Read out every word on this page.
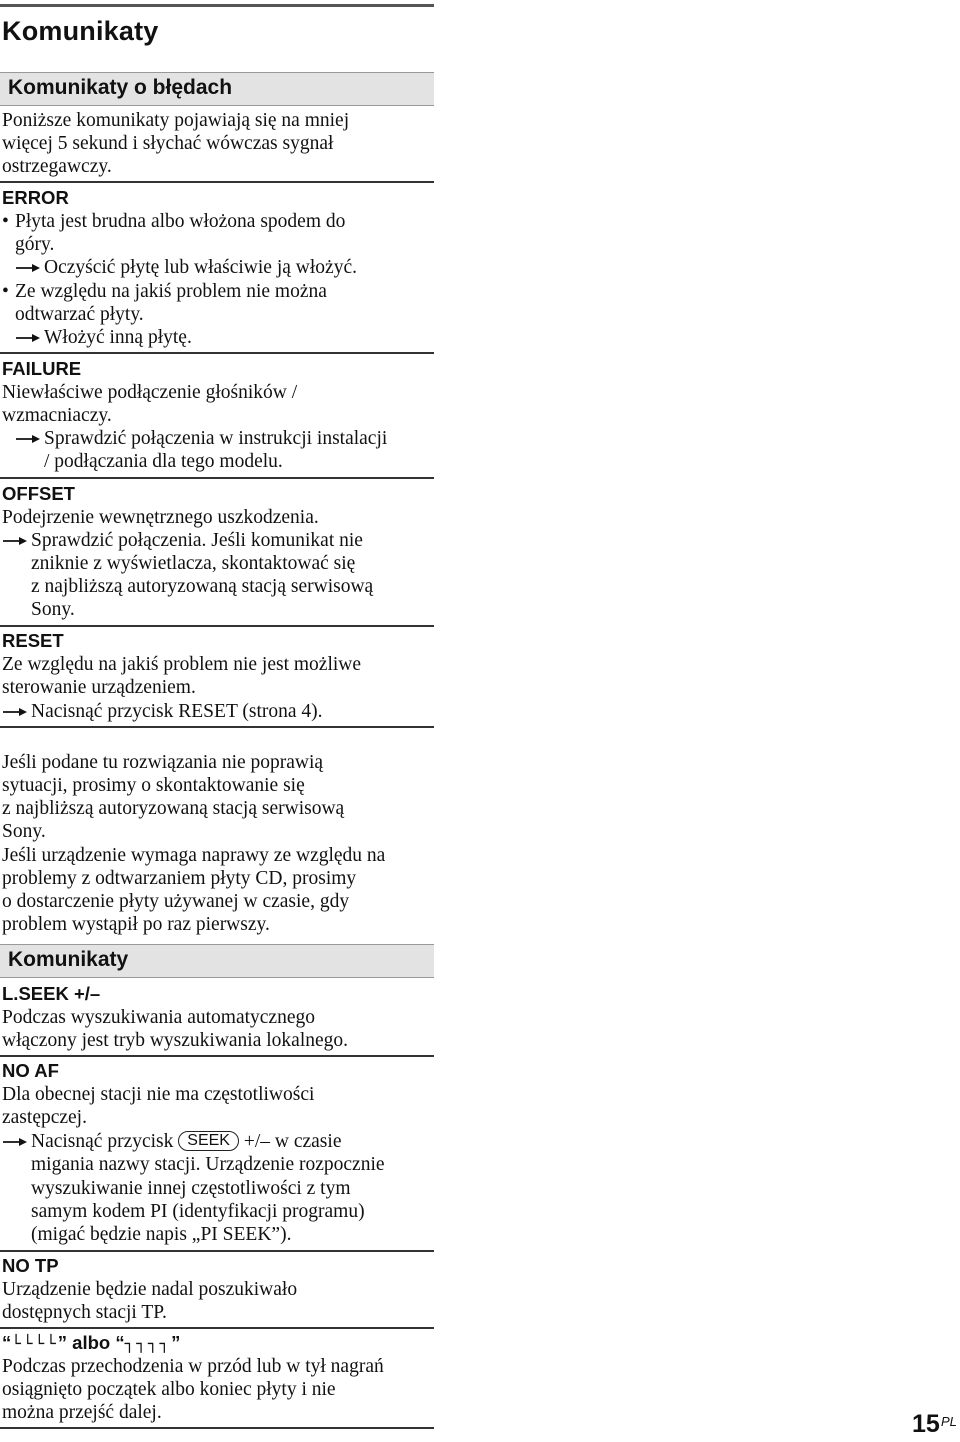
Komunikaty
Komunikaty o błędach
Poniższe komunikaty pojawiają się na mniej
więcej 5 sekund i słychać wówczas sygnał
ostrzegawczy.
ERROR
• Płyta jest brudna albo włożona spodem do
góry.
Oczyścić płytę lub właściwie ją włożyć.
• Ze względu na jakiś problem nie można
odtwarzać płyty.
Włożyć inną płytę.
FAILURE
Niewłaściwe podłączenie głośników /
wzmacniaczy.
Sprawdzić połączenia w instrukcji instalacji
/ podłączania dla tego modelu.
OFFSET
Podejrzenie wewnętrznego uszkodzenia.
Sprawdzić połączenia. Jeśli komunikat nie
zniknie z wyświetlacza, skontaktować się
z najbliższą autoryzowaną stacją serwisową
Sony.
RESET
Ze względu na jakiś problem nie jest możliwe
sterowanie urządzeniem.
Nacisnąć przycisk RESET (strona 4).
Jeśli podane tu rozwiązania nie poprawią
sytuacji, prosimy o skontaktowanie się
z najbliższą autoryzowaną stacją serwisową
Sony.
Jeśli urządzenie wymaga naprawy ze względu na
problemy z odtwarzaniem płyty CD, prosimy
o dostarczenie płyty używanej w czasie, gdy
problem wystąpił po raz pierwszy.
Komunikaty
L.SEEK +/–
Podczas wyszukiwania automatycznego
włączony jest tryb wyszukiwania lokalnego.
NO AF
Dla obecnej stacji nie ma częstotliwości
zastępczej.
Nacisnąć przycisk SEEK +/– w czasie
migania nazwy stacji. Urządzenie rozpocznie
wyszukiwanie innej częstotliwości z tym
samym kodem PI (identyfikacji programu)
(migać będzie napis „PI SEEK”).
NO TP
Urządzenie będzie nadal poszukiwało
dostępnych stacji TP.
“└└└└” albo “┐┐┐┐”
Podczas przechodzenia w przód lub w tył nagrań
osiągnięto początek albo koniec płyty i nie
można przejść dalej.	15 PL
